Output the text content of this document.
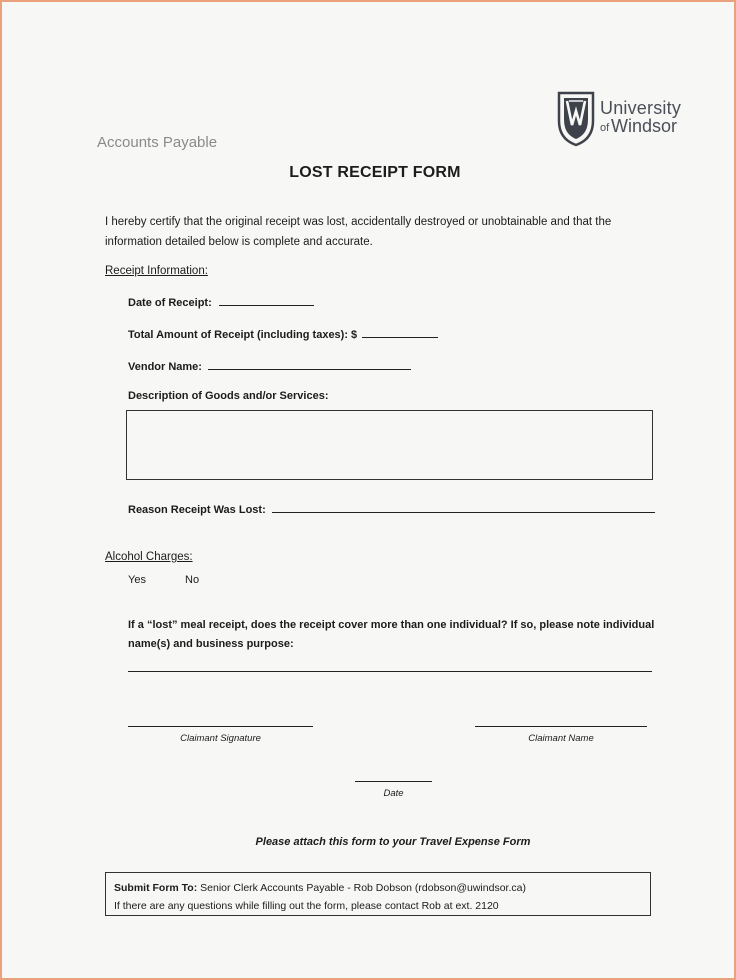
University
of Windsor
Accounts Payable
LOST RECEIPT FORM
I hereby certify that the original receipt was lost, accidentally destroyed or unobtainable and that the information detailed below is complete and accurate.
Receipt Information:
Date of Receipt:
Total Amount of Receipt (including taxes): $
Vendor Name:
Description of Goods and/or Services:
Reason Receipt Was Lost:
Alcohol Charges:
Yes	No
If a “lost” meal receipt, does the receipt cover more than one individual? If so, please note individual name(s) and business purpose:
Claimant Signature	Claimant Name
Date
Please attach this form to your Travel Expense Form
Submit Form To: Senior Clerk Accounts Payable - Rob Dobson (rdobson@uwindsor.ca)
If there are any questions while filling out the form, please contact Rob at ext. 2120
